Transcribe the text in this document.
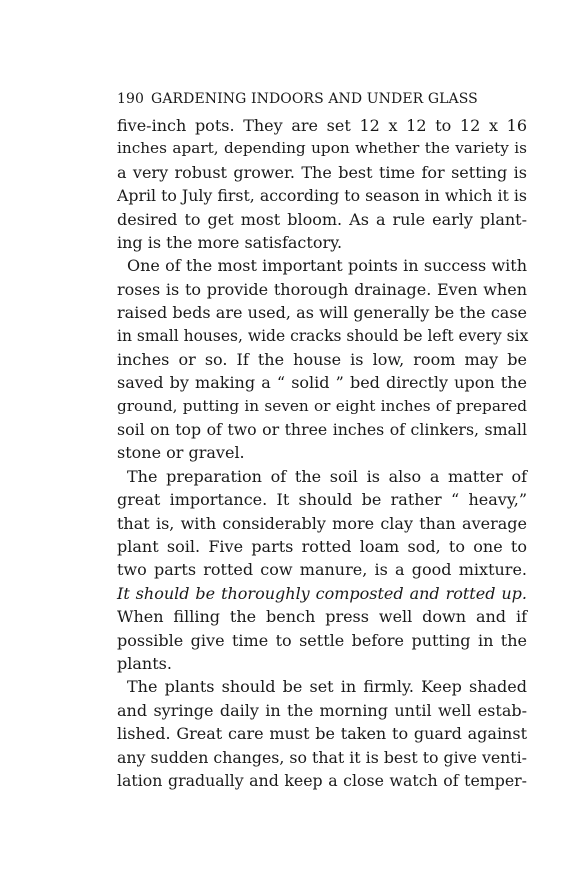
190 GARDENING INDOORS AND UNDER GLASS
five-inch pots. They are set 12 x 12 to 12 x 16
inches apart, depending upon whether the variety is
a very robust grower. The best time for setting is
April to July first, according to season in which it is
desired to get most bloom. As a rule early plant-
ing is the more satisfactory.
One of the most important points in success with
roses is to provide thorough drainage. Even when
raised beds are used, as will generally be the case
in small houses, wide cracks should be left every six
inches or so. If the house is low, room may be
saved by making a “ solid ” bed directly upon the
ground, putting in seven or eight inches of prepared
soil on top of two or three inches of clinkers, small
stone or gravel.
The preparation of the soil is also a matter of
great importance. It should be rather “ heavy,”
that is, with considerably more clay than average
plant soil. Five parts rotted loam sod, to one to
two parts rotted cow manure, is a good mixture.
It should be thoroughly composted and rotted up.
When filling the bench press well down and if
possible give time to settle before putting in the
plants.
The plants should be set in firmly. Keep shaded
and syringe daily in the morning until well estab-
lished. Great care must be taken to guard against
any sudden changes, so that it is best to give venti-
lation gradually and keep a close watch of temper-
